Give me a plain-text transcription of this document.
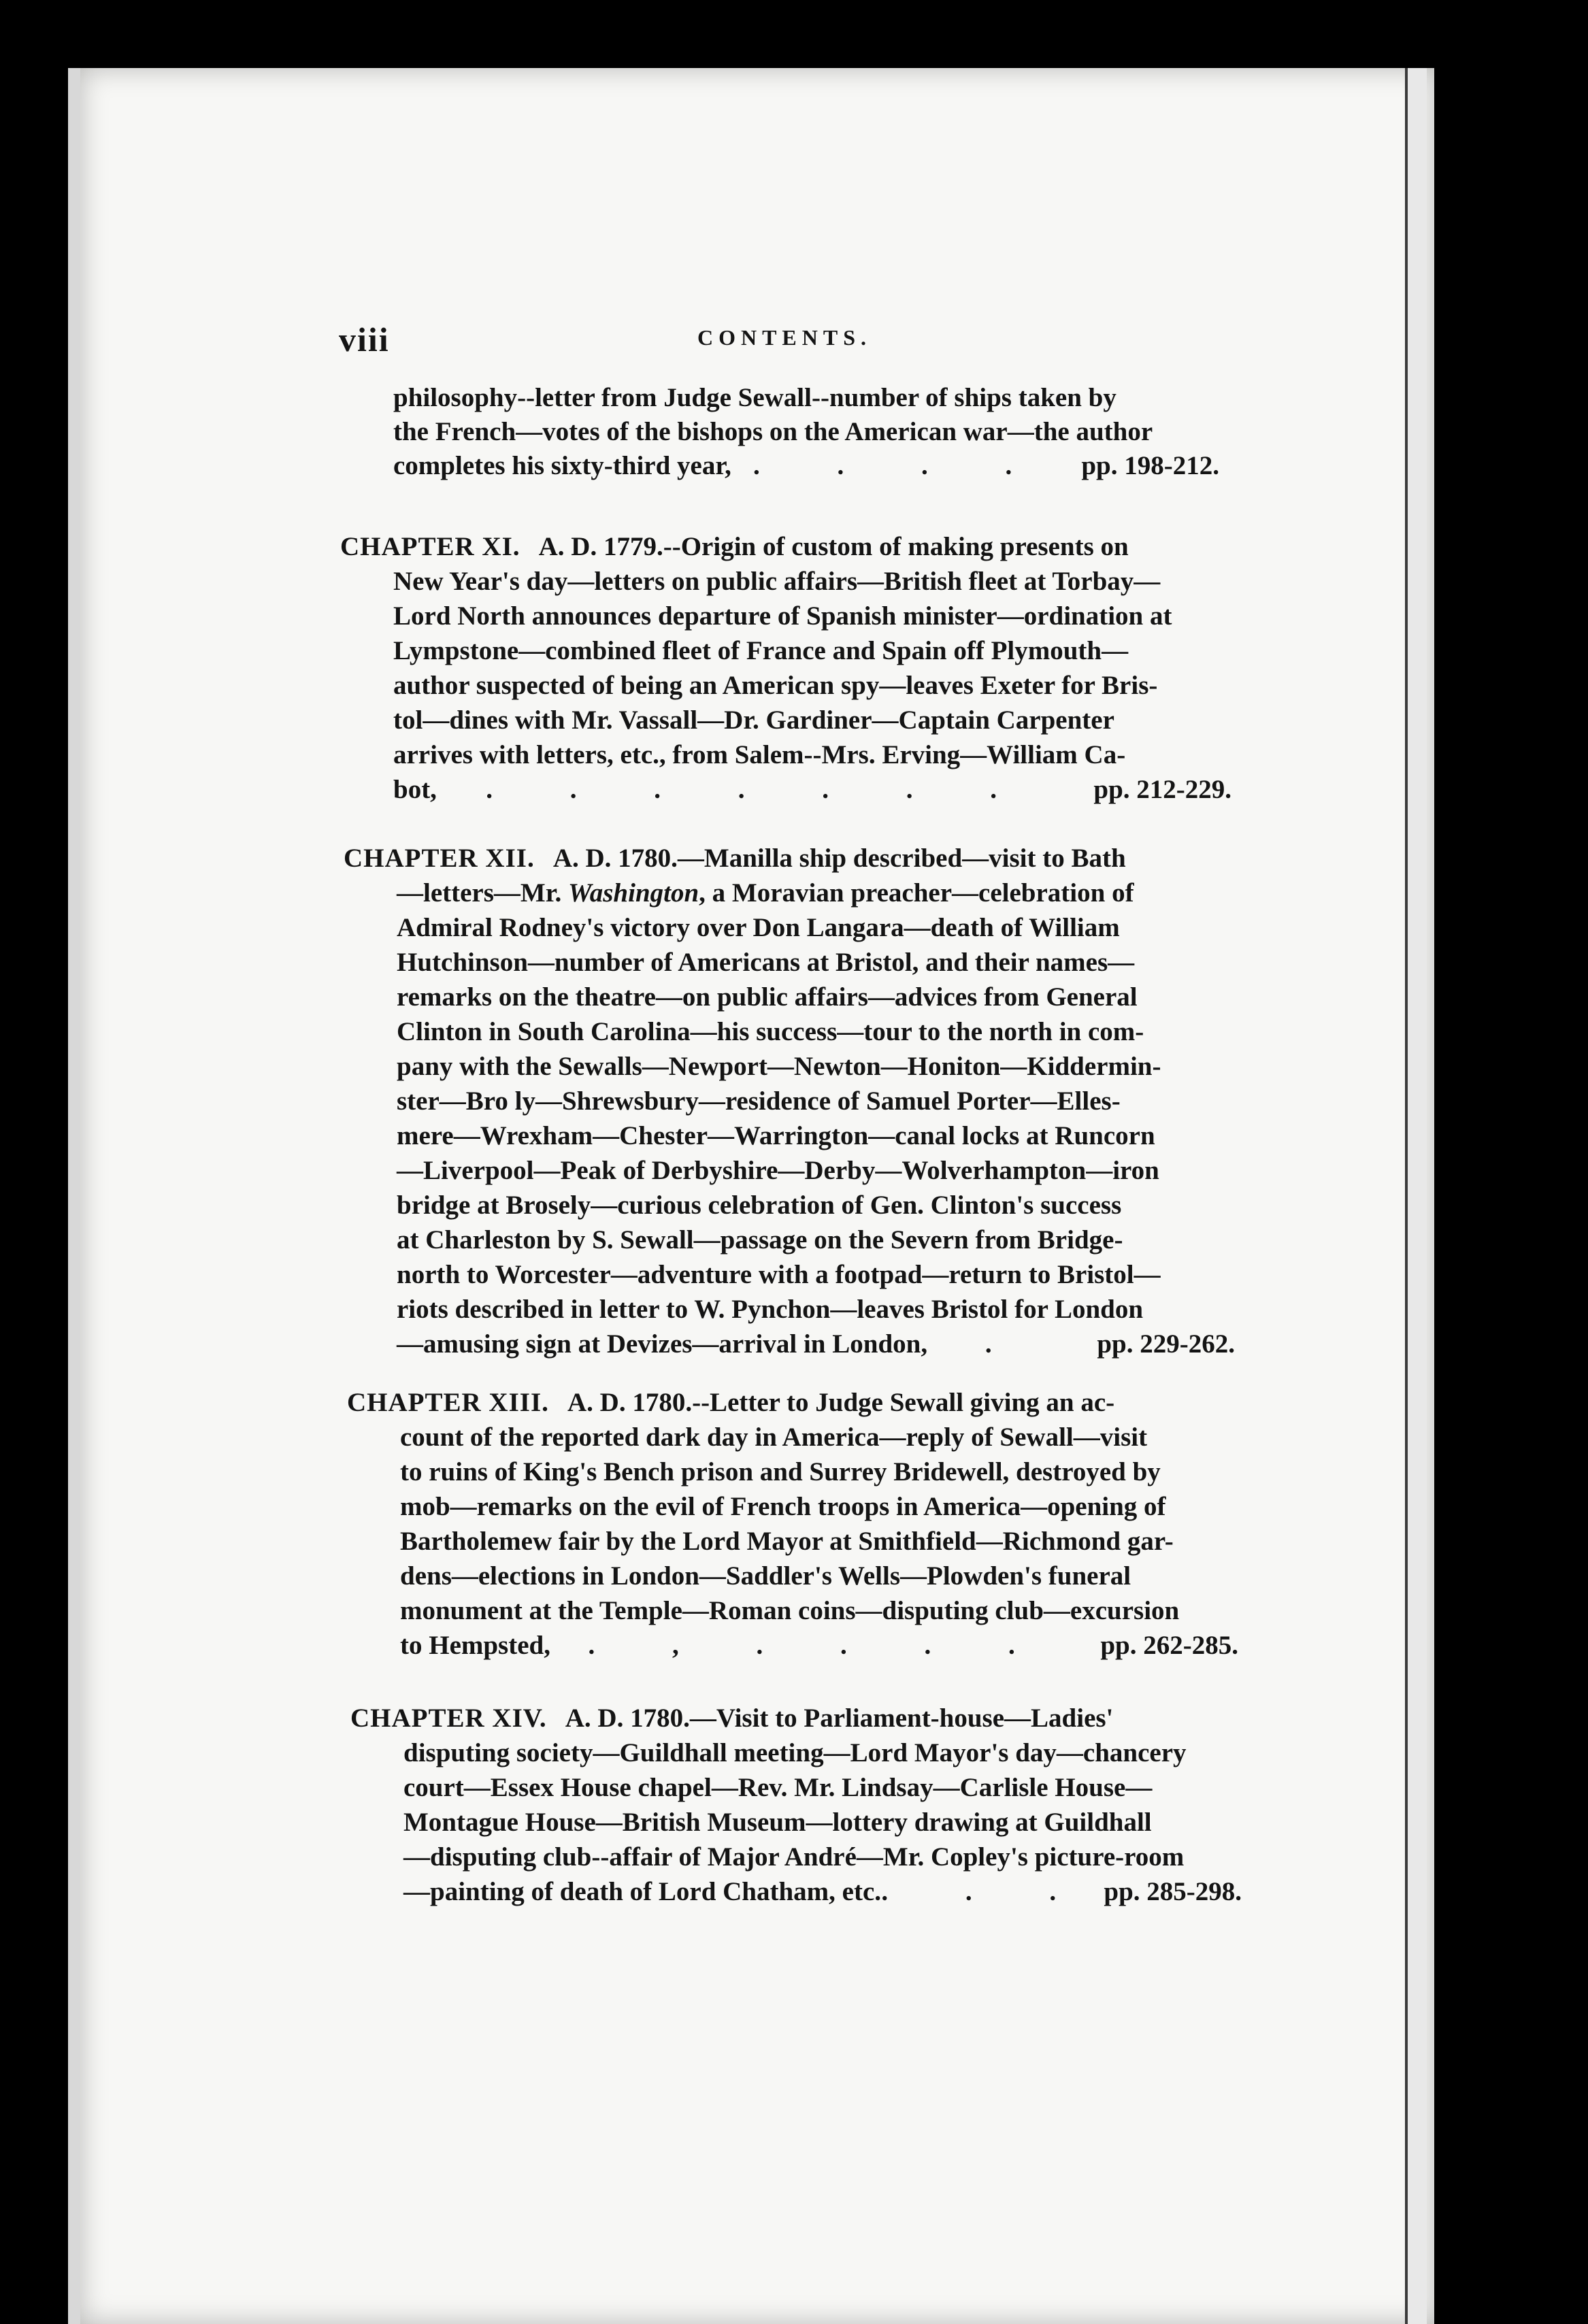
viii	CONTENTS.
philosophy--letter from Judge Sewall--number of ships taken by
the French—votes of the bishops on the American war—the author
completes his sixty-third year, . . . . pp. 198-212.
CHAPTER XI. A. D. 1779.--Origin of custom of making presents on
New Year's day—letters on public affairs—British fleet at Torbay—
Lord North announces departure of Spanish minister—ordination at
Lympstone—combined fleet of France and Spain off Plymouth—
author suspected of being an American spy—leaves Exeter for Bris-
tol—dines with Mr. Vassall—Dr. Gardiner—Captain Carpenter
arrives with letters, etc., from Salem--Mrs. Erving—William Ca-
bot, . . . . . . . pp. 212-229.
CHAPTER XII. A. D. 1780.—Manilla ship described—visit to Bath
—letters—Mr. Washington, a Moravian preacher—celebration of
Admiral Rodney's victory over Don Langara—death of William
Hutchinson—number of Americans at Bristol, and their names—
remarks on the theatre—on public affairs—advices from General
Clinton in South Carolina—his success—tour to the north in com-
pany with the Sewalls—Newport—Newton—Honiton—Kiddermin-
ster—Bro ly—Shrewsbury—residence of Samuel Porter—Elles-
mere—Wrexham—Chester—Warrington—canal locks at Runcorn
—Liverpool—Peak of Derbyshire—Derby—Wolverhampton—iron
bridge at Brosely—curious celebration of Gen. Clinton's success
at Charleston by S. Sewall—passage on the Severn from Bridge-
north to Worcester—adventure with a footpad—return to Bristol—
riots described in letter to W. Pynchon—leaves Bristol for London
—amusing sign at Devizes—arrival in London, .	pp. 229-262.
CHAPTER XIII. A. D. 1780.--Letter to Judge Sewall giving an ac-
count of the reported dark day in America—reply of Sewall—visit
to ruins of King's Bench prison and Surrey Bridewell, destroyed by
mob—remarks on the evil of French troops in America—opening of
Bartholemew fair by the Lord Mayor at Smithfield—Richmond gar-
dens—elections in London—Saddler's Wells—Plowden's funeral
monument at the Temple—Roman coins—disputing club—excursion
to Hempsted, . , . . . . pp. 262-285.
CHAPTER XIV. A. D. 1780.—Visit to Parliament-house—Ladies'
disputing society—Guildhall meeting—Lord Mayor's day—chancery
court—Essex House chapel—Rev. Mr. Lindsay—Carlisle House—
Montague House—British Museum—lottery drawing at Guildhall
—disputing club--affair of Major André—Mr. Copley's picture-room
—painting of death of Lord Chatham, etc. . . . pp. 285-298.
